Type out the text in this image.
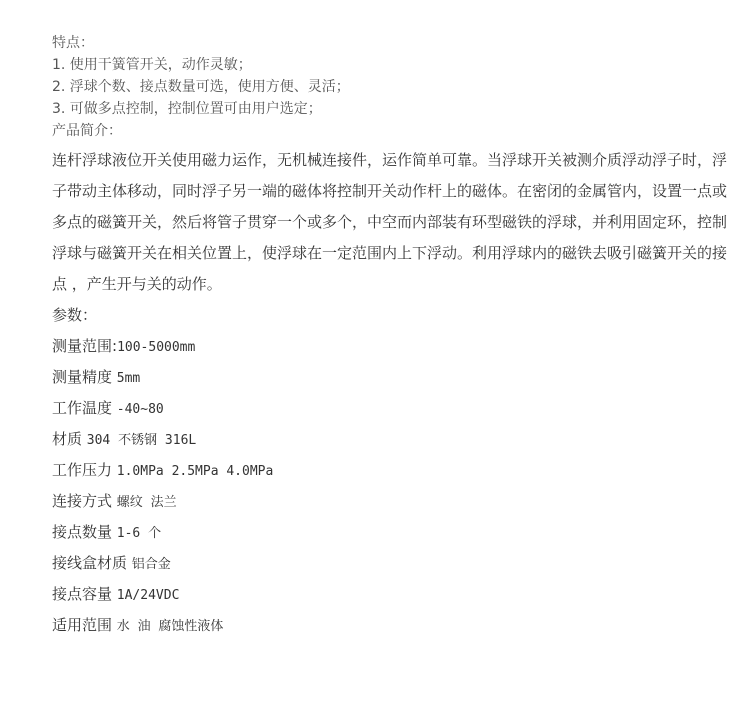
特点：
1. 使用干簧管开关，动作灵敏；
2. 浮球个数、接点数量可选，使用方便、灵活；
3. 可做多点控制，控制位置可由用户选定；
产品简介：
连杆浮球液位开关使用磁力运作，无机械连接件，运作简单可靠。当浮球开关被测介质浮动浮子时，浮子带动主体移动，同时浮子另一端的磁体将控制开关动作杆上的磁体。在密闭的金属管内，设置一点或多点的磁簧开关，然后将管子贯穿一个或多个，中空而内部装有环型磁铁的浮球，并利用固定环，控制浮球与磁簧开关在相关位置上，使浮球在一定范围内上下浮动。利用浮球内的磁铁去吸引磁簧开关的接点 ，产生开与关的动作。
参数：
测量范围:100-5000mm
测量精度 5mm
工作温度 -40~80
材质 304 不锈钢 316L
工作压力 1.0MPa 2.5MPa 4.0MPa
连接方式 螺纹 法兰
接点数量 1-6 个
接线盒材质 铝合金
接点容量 1A/24VDC
适用范围 水 油 腐蚀性液体
